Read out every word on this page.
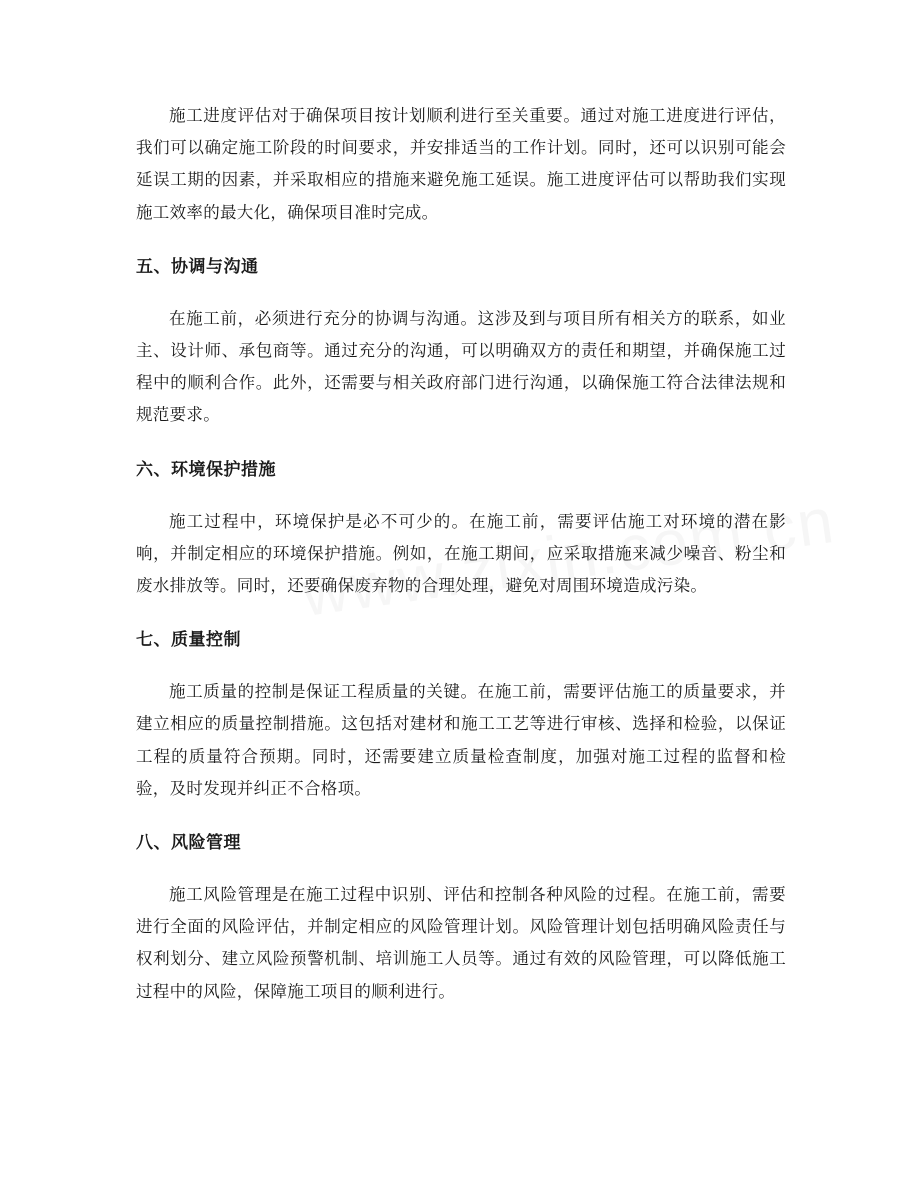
施工进度评估对于确保项目按计划顺利进行至关重要。通过对施工进度进行评估，我们可以确定施工阶段的时间要求，并安排适当的工作计划。同时，还可以识别可能会延误工期的因素，并采取相应的措施来避免施工延误。施工进度评估可以帮助我们实现施工效率的最大化，确保项目准时完成。

五、协调与沟通

在施工前，必须进行充分的协调与沟通。这涉及到与项目所有相关方的联系，如业主、设计师、承包商等。通过充分的沟通，可以明确双方的责任和期望，并确保施工过程中的顺利合作。此外，还需要与相关政府部门进行沟通，以确保施工符合法律法规和规范要求。

六、环境保护措施

施工过程中，环境保护是必不可少的。在施工前，需要评估施工对环境的潜在影响，并制定相应的环境保护措施。例如，在施工期间，应采取措施来减少噪音、粉尘和废水排放等。同时，还要确保废弃物的合理处理，避免对周围环境造成污染。

七、质量控制

施工质量的控制是保证工程质量的关键。在施工前，需要评估施工的质量要求，并建立相应的质量控制措施。这包括对建材和施工工艺等进行审核、选择和检验，以保证工程的质量符合预期。同时，还需要建立质量检查制度，加强对施工过程的监督和检验，及时发现并纠正不合格项。

八、风险管理

施工风险管理是在施工过程中识别、评估和控制各种风险的过程。在施工前，需要进行全面的风险评估，并制定相应的风险管理计划。风险管理计划包括明确风险责任与权利划分、建立风险预警机制、培训施工人员等。通过有效的风险管理，可以降低施工过程中的风险，保障施工项目的顺利进行。
